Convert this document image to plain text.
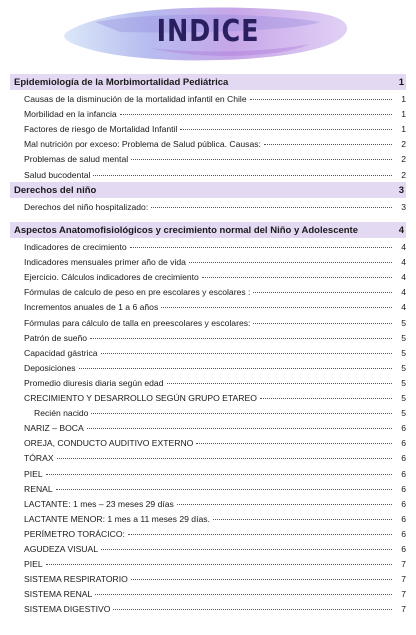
INDICE
Epidemiología de la Morbimortalidad Pediátrica	1
Causas de la disminución de la mortalidad infantil en Chile	1
Morbilidad en la infancia	1
Factores de riesgo de Mortalidad Infantil	1
Mal nutrición por exceso: Problema de Salud pública. Causas:	2
Problemas de salud mental	2
Salud bucodental	2
Derechos del niño	3
Derechos del niño hospitalizado:	3
Aspectos Anatomofisiológicos y crecimiento normal del Niño y Adolescente	4
Indicadores de crecimiento	4
Indicadores mensuales primer año de vida	4
Ejercicio. Cálculos indicadores de crecimiento	4
Fórmulas de calculo de peso en pre escolares y escolares :	4
Incrementos anuales de 1 a 6 años	4
Fórmulas para cálculo de talla en preescolares y escolares:	5
Patrón de sueño	5
Capacidad gástrica	5
Deposiciones	5
Promedio diuresis diaria según edad	5
CRECIMIENTO Y DESARROLLO SEGÚN GRUPO ETAREO	5
Recién nacido	5
NARIZ – BOCA	6
OREJA, CONDUCTO AUDITIVO EXTERNO	6
TÓRAX	6
PIEL	6
RENAL	6
LACTANTE: 1 mes – 23 meses 29 días	6
LACTANTE MENOR: 1 mes a 11 meses 29 días.	6
PERÍMETRO TORÁCICO:	6
AGUDEZA VISUAL	6
PIEL	7
SISTEMA RESPIRATORIO	7
SISTEMA RENAL	7
SISTEMA DIGESTIVO	7
